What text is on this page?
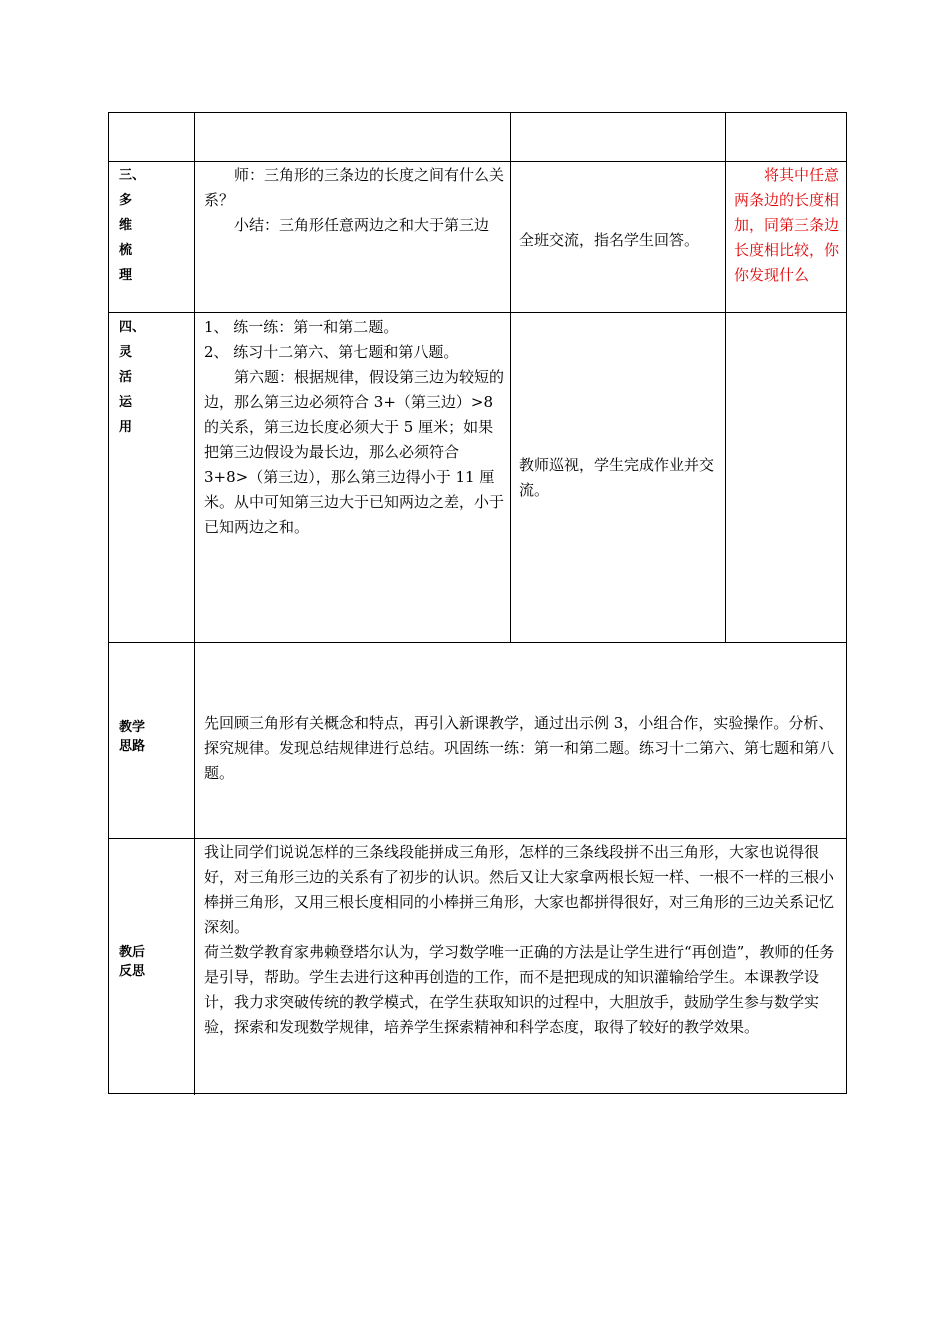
三、
多
维
梳
理

师：三角形的三条边的长度之间有什么关系？

小结：三角形任意两边之和大于第三边

全班交流，指名学生回答。

将其中任意两条边的长度相加，同第三条边长度相比较，你你发现什么

四、
灵
活
运
用

1、 练一练：第一和第二题。

2、 练习十二第六、第七题和第八题。

第六题：根据规律，假设第三边为较短的边，那么第三边必须符合 3+（第三边）>8 的关系，第三边长度必须大于 5 厘米；如果把第三边假设为最长边，那么必须符合 3+8>（第三边），那么第三边得小于 11 厘米。从中可知第三边大于已知两边之差，小于已知两边之和。

教师巡视，学生完成作业并交流。
教学
思路
先回顾三角形有关概念和特点，再引入新课教学，通过出示例 3，小组合作，实验操作。分析、探究规律。发现总结规律进行总结。巩固练一练：第一和第二题。练习十二第六、第七题和第八题。
教后
反思

我让同学们说说怎样的三条线段能拼成三角形，怎样的三条线段拼不出三角形，大家也说得很好，对三角形三边的关系有了初步的认识。然后又让大家拿两根长短一样、一根不一样的三根小棒拼三角形，又用三根长度相同的小棒拼三角形，大家也都拼得很好，对三角形的三边关系记忆深刻。

荷兰数学教育家弗赖登塔尔认为，学习数学唯一正确的方法是让学生进行“再创造”，教师的任务是引导，帮助。学生去进行这种再创造的工作，而不是把现成的知识灌输给学生。本课教学设计，我力求突破传统的教学模式，在学生获取知识的过程中，大胆放手，鼓励学生参与数学实验，探索和发现数学规律，培养学生探索精神和科学态度，取得了较好的教学效果。
